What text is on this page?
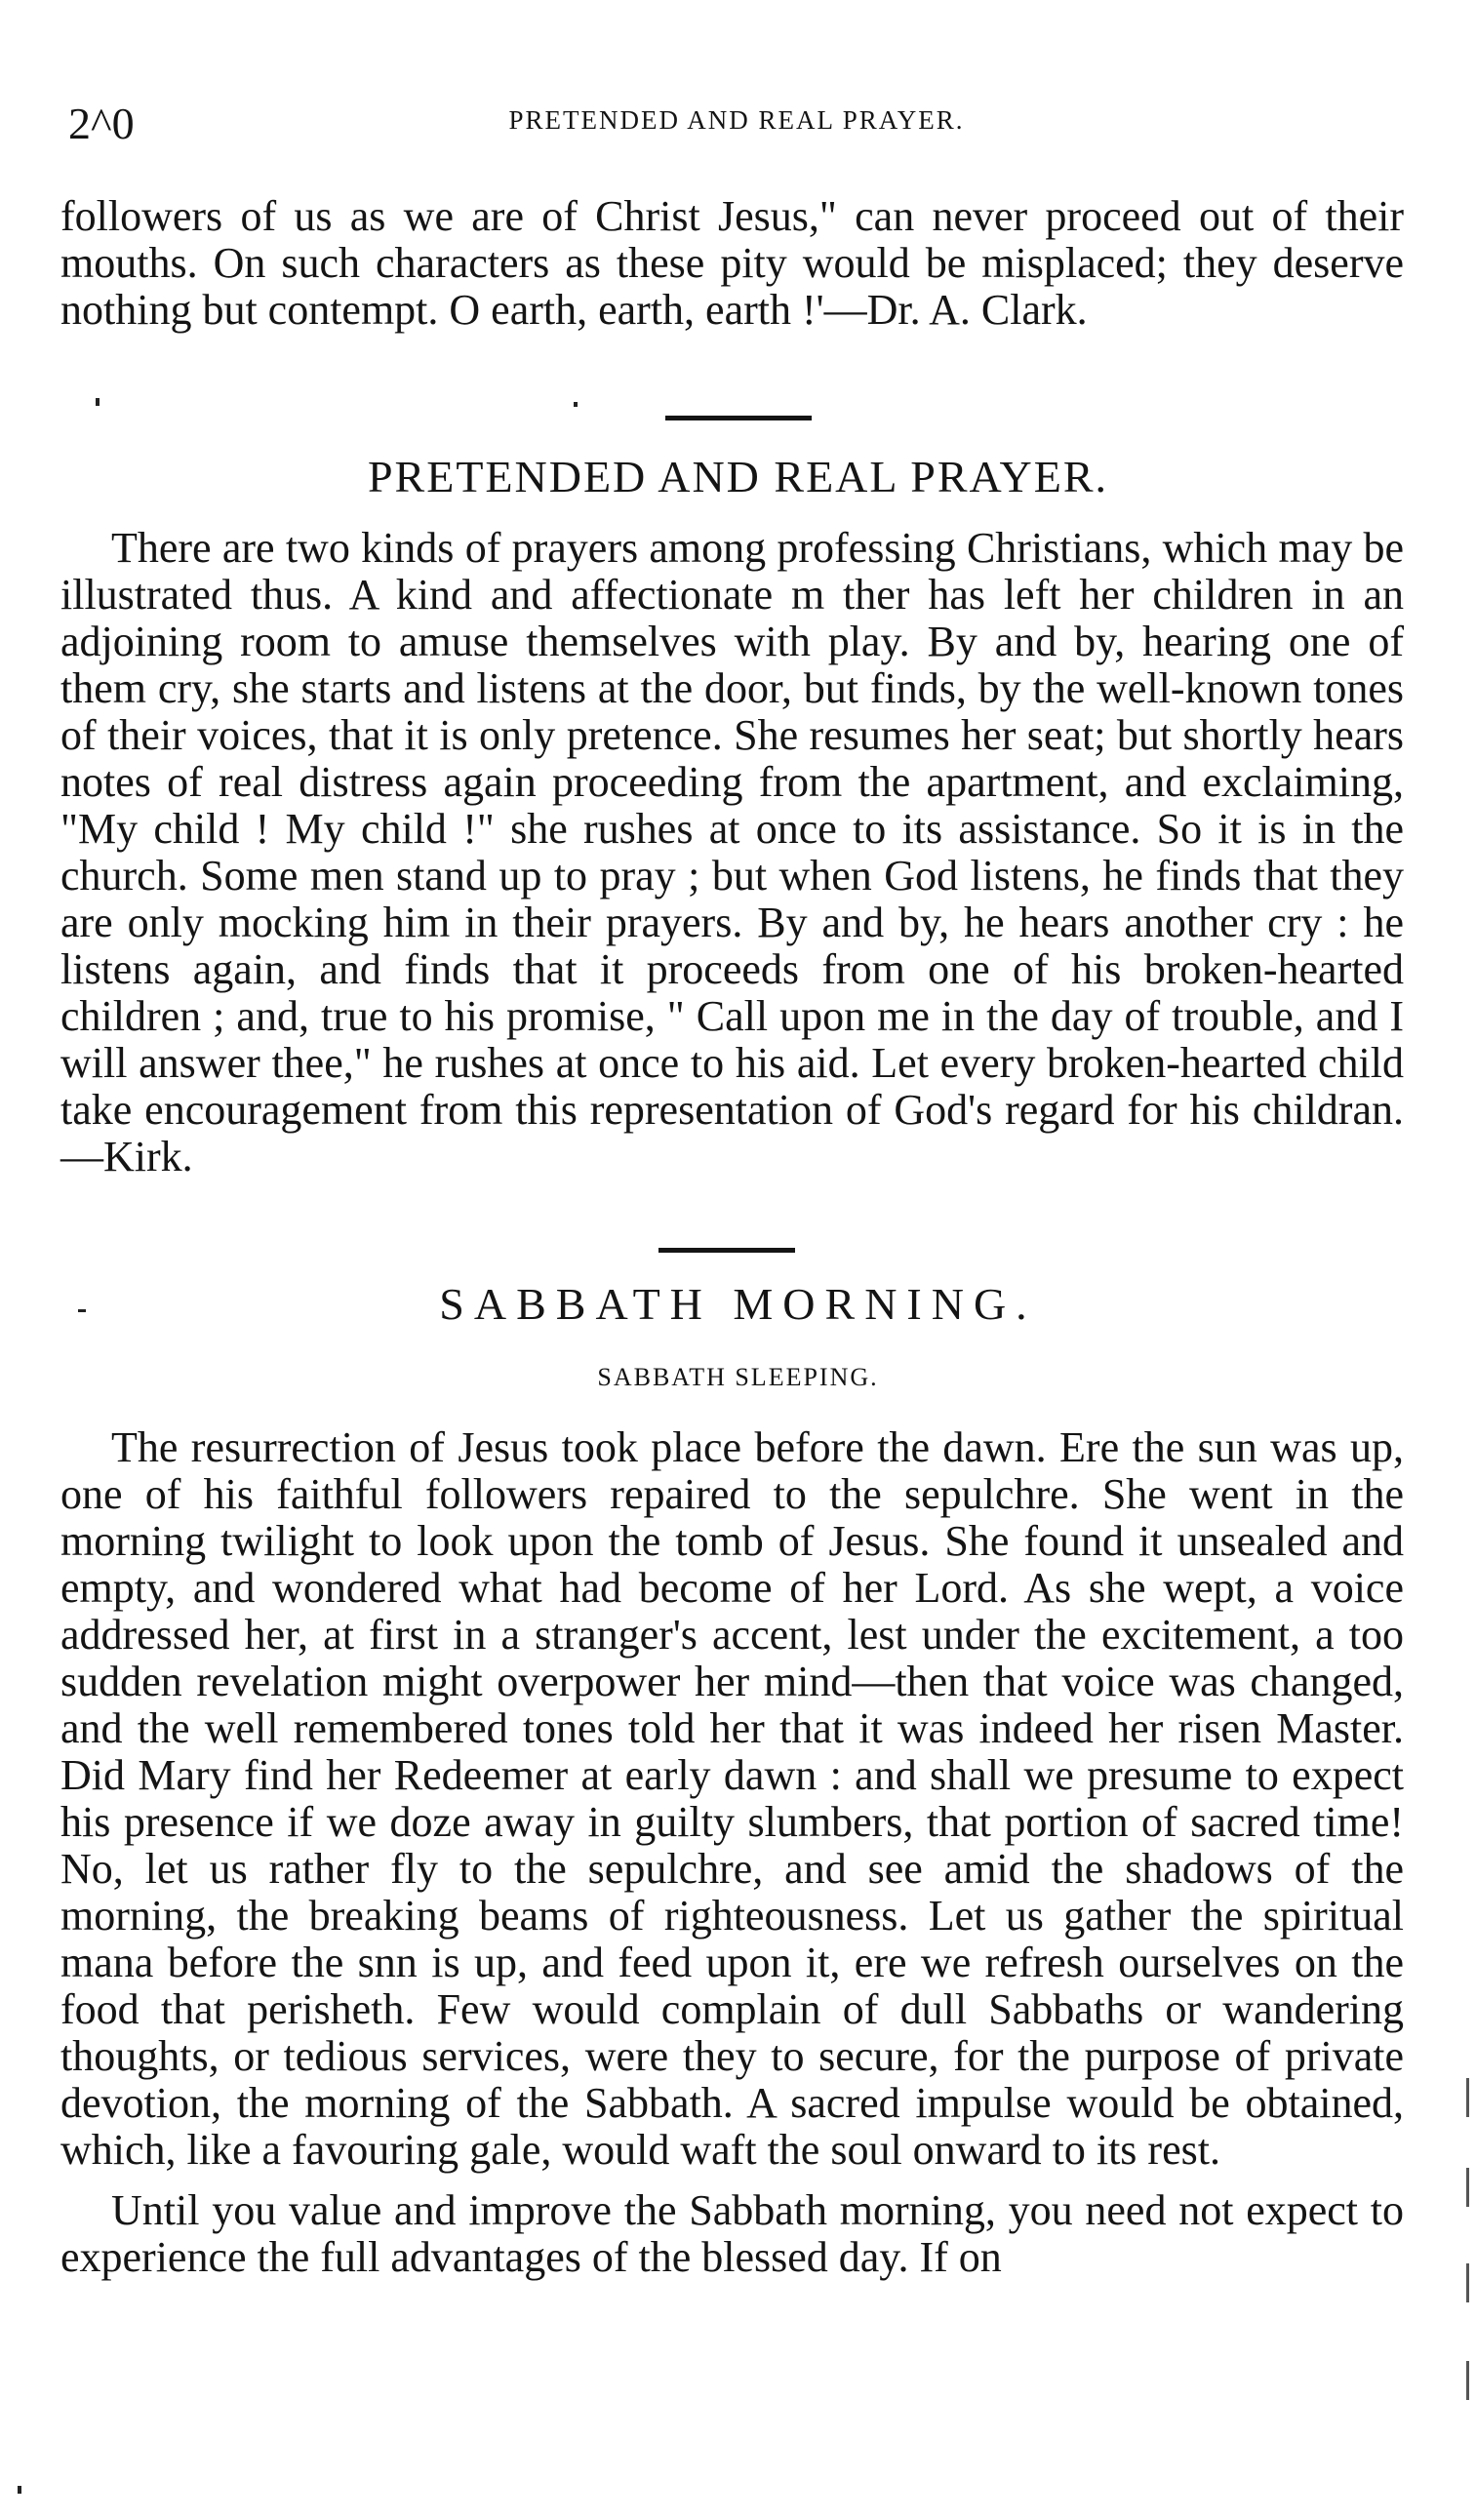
2^0	PRETENDED AND REAL PRAYER.

followers of us as we are of Christ Jesus," can never proceed out of their mouths. On such characters as these pity would be misplaced; they deserve nothing but contempt. O earth, earth, earth !'—Dr. A. Clark.

PRETENDED AND REAL PRAYER.

There are two kinds of prayers among professing Christians, which may be illustrated thus. A kind and affectionate m ther has left her children in an adjoining room to amuse themselves with play. By and by, hearing one of them cry, she starts and listens at the door, but finds, by the well-known tones of their voices, that it is only pretence. She resumes her seat; but shortly hears notes of real distress again proceeding from the apartment, and exclaiming, "My child ! My child !" she rushes at once to its assistance. So it is in the church. Some men stand up to pray ; but when God listens, he finds that they are only mocking him in their prayers. By and by, he hears another cry : he listens again, and finds that it proceeds from one of his broken-hearted children ; and, true to his promise, " Call upon me in the day of trouble, and I will answer thee," he rushes at once to his aid. Let every broken-hearted child take encouragement from this representation of God's regard for his childran.—Kirk.

SABBATH MORNING.
SABBATH SLEEPING.

The resurrection of Jesus took place before the dawn. Ere the sun was up, one of his faithful followers repaired to the sepulchre. She went in the morning twilight to look upon the tomb of Jesus. She found it unsealed and empty, and wondered what had become of her Lord. As she wept, a voice addressed her, at first in a stranger's accent, lest under the excitement, a too sudden revelation might overpower her mind—then that voice was changed, and the well remembered tones told her that it was indeed her risen Master. Did Mary find her Redeemer at early dawn : and shall we presume to expect his presence if we doze away in guilty slumbers, that portion of sacred time! No, let us rather fly to the sepulchre, and see amid the shadows of the morning, the breaking beams of righteousness. Let us gather the spiritual mana before the snn is up, and feed upon it, ere we refresh ourselves on the food that perisheth. Few would complain of dull Sabbaths or wandering thoughts, or tedious services, were they to secure, for the purpose of private devotion, the morning of the Sabbath. A sacred impulse would be obtained, which, like a favouring gale, would waft the soul onward to its rest.

Until you value and improve the Sabbath morning, you need not expect to experience the full advantages of the blessed day. If on
